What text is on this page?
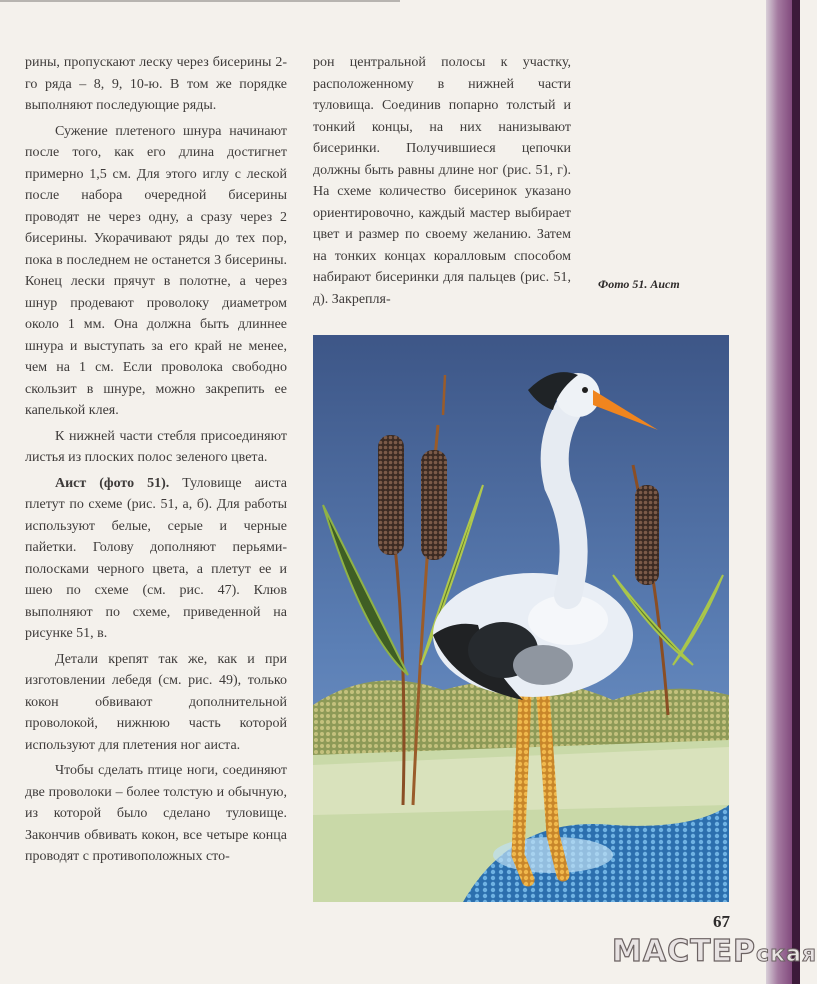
рины, пропускают леску через бисерины 2-го ряда – 8, 9, 10-ю. В том же порядке выполняют последующие ряды.

Сужение плетеного шнура начинают после того, как его длина достигнет примерно 1,5 см. Для этого иглу с леской после набора очередной бисерины проводят не через одну, а сразу через 2 бисерины. Укорачивают ряды до тех пор, пока в последнем не останется 3 бисерины. Конец лески прячут в полотне, а через шнур продевают проволоку диаметром около 1 мм. Она должна быть длиннее шнура и выступать за его край не менее, чем на 1 см. Если проволока свободно скользит в шнуре, можно закрепить ее капелькой клея.

К нижней части стебля присоединяют листья из плоских полос зеленого цвета.

Аист (фото 51). Туловище аиста плетут по схеме (рис. 51, а, б). Для работы используют белые, серые и черные пайетки. Голову дополняют перьями-полосками черного цвета, а плетут ее и шею по схеме (см. рис. 47). Клюв выполняют по схеме, приведенной на рисунке 51, в.

Детали крепят так же, как и при изготовлении лебедя (см. рис. 49), только кокон обвивают дополнительной проволокой, нижнюю часть которой используют для плетения ног аиста.

Чтобы сделать птице ноги, соединяют две проволоки – более толстую и обычную, из которой было сделано туловище. Закончив обвивать кокон, все четыре конца проводят с противоположных сто-

рон центральной полосы к участку, расположенному в нижней части туловища. Соединив попарно толстый и тонкий концы, на них нанизывают бисеринки. Получившиеся цепочки должны быть равны длине ног (рис. 51, г). На схеме количество бисеринок указано ориентировочно, каждый мастер выбирает цвет и размер по своему желанию. Затем на тонких концах коралловым способом набирают бисеринки для пальцев (рис. 51, д). Закрепля-

Фото 51. Аист
67
МАСТЕРская
